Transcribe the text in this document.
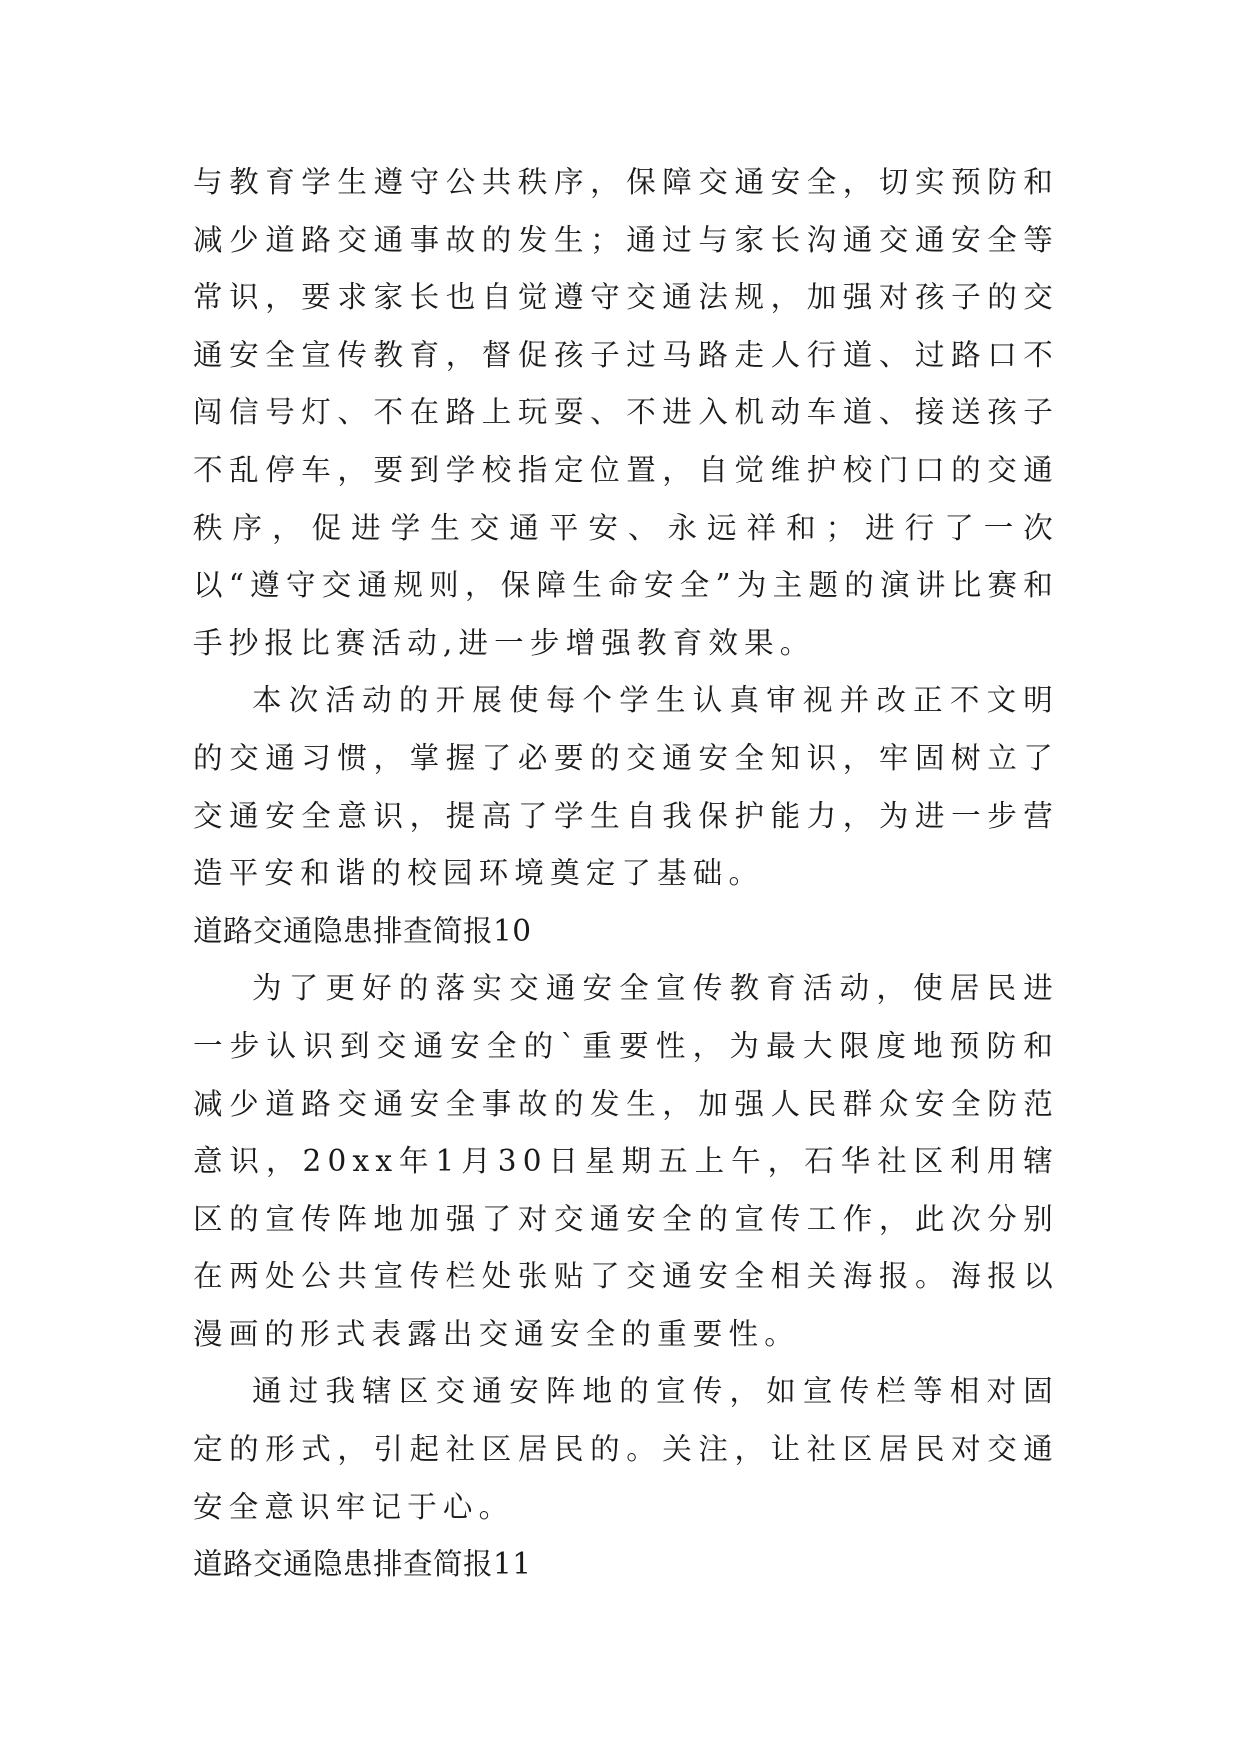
与教育学生遵守公共秩序，保障交通安全，切实预防和减少道路交通事故的发生；通过与家长沟通交通安全等常识，要求家长也自觉遵守交通法规，加强对孩子的交通安全宣传教育，督促孩子过马路走人行道、过路口不闯信号灯、不在路上玩耍、不进入机动车道、接送孩子不乱停车，要到学校指定位置，自觉维护校门口的交通秩序，促进学生交通平安、永远祥和；进行了一次以“遵守交通规则，保障生命安全”为主题的演讲比赛和手抄报比赛活动,进一步增强教育效果。

本次活动的开展使每个学生认真审视并改正不文明的交通习惯，掌握了必要的交通安全知识，牢固树立了交通安全意识，提高了学生自我保护能力，为进一步营造平安和谐的校园环境奠定了基础。

道路交通隐患排查简报10

为了更好的落实交通安全宣传教育活动，使居民进一步认识到交通安全的`重要性，为最大限度地预防和减少道路交通安全事故的发生，加强人民群众安全防范意识，20xx年1月30日星期五上午，石华社区利用辖区的宣传阵地加强了对交通安全的宣传工作，此次分别在两处公共宣传栏处张贴了交通安全相关海报。海报以漫画的形式表露出交通安全的重要性。

通过我辖区交通安阵地的宣传，如宣传栏等相对固定的形式，引起社区居民的。关注，让社区居民对交通安全意识牢记于心。

道路交通隐患排查简报11
